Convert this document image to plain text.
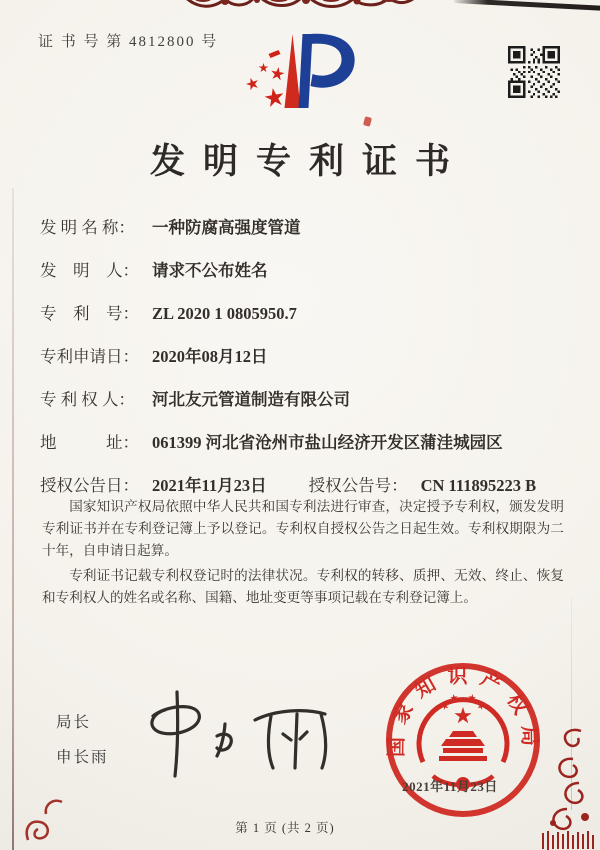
证 书 号 第 4812800 号
发明专利证书
发 明 名 称： 一种防腐高强度管道
发　明　人： 请求不公布姓名
专　利　号： ZL 2020 1 0805950.7
专利申请日： 2020年08月12日
专 利 权 人： 河北友元管道制造有限公司
地　　　址： 061399 河北省沧州市盐山经济开发区蒲洼城园区
授权公告日： 2021年11月23日	授权公告号： CN 111895223 B

国家知识产权局依照中华人民共和国专利法进行审查，决定授予专利权，颁发发明专利证书并在专利登记簿上予以登记。专利权自授权公告之日起生效。专利权期限为二十年，自申请日起算。

专利证书记载专利权登记时的法律状况。专利权的转移、质押、无效、终止、恢复和专利权人的姓名或名称、国籍、地址变更等事项记载在专利登记簿上。

局长
申长雨
国家知识产权局
2021年11月23日
第 1 页 (共 2 页)
